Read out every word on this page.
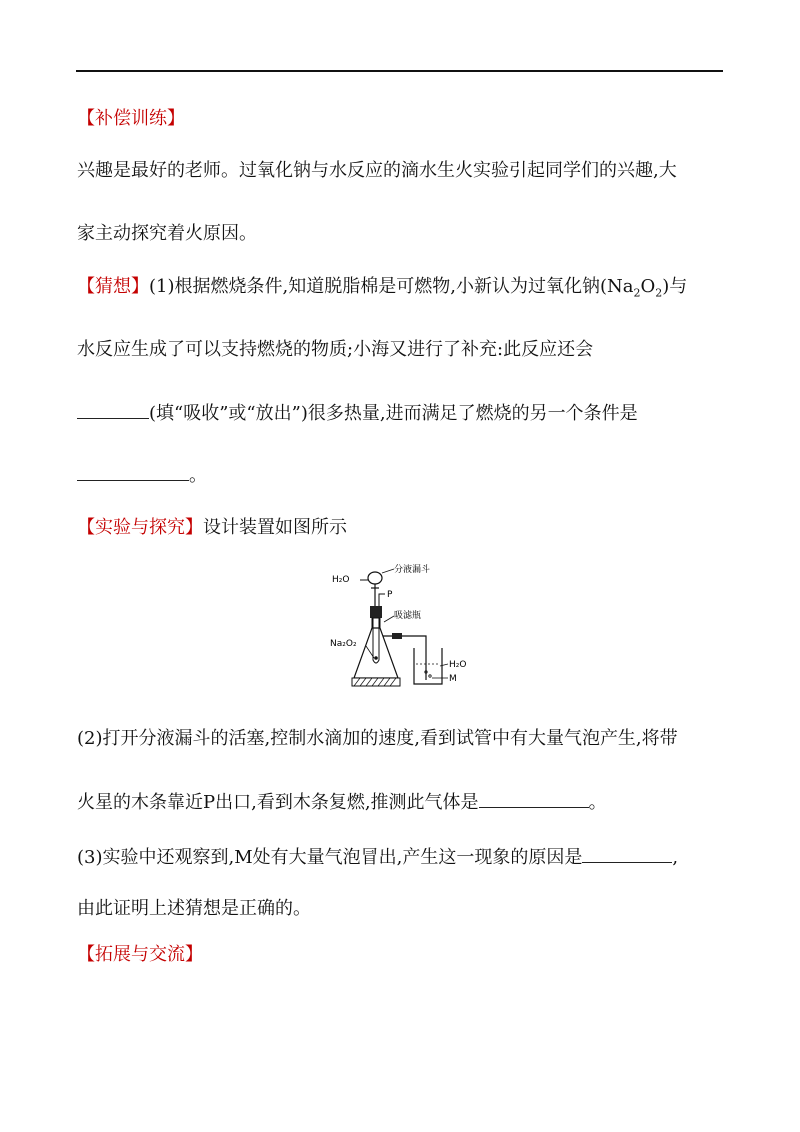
【补偿训练】
兴趣是最好的老师。过氧化钠与水反应的滴水生火实验引起同学们的兴趣,大
家主动探究着火原因。
【猜想】(1)根据燃烧条件,知道脱脂棉是可燃物,小新认为过氧化钠$(Na_2O_2)$与
水反应生成了可以支持燃烧的物质;小海又进行了补充:此反应还会
(填“吸收”或“放出”)很多热量,进而满足了燃烧的另一个条件是
。
【实验与探究】设计装置如图所示
H₂O
分液漏斗
P
吸滤瓶
Na₂O₂
H₂O
M
(2)打开分液漏斗的活塞,控制水滴加的速度,看到试管中有大量气泡产生,将带
火星的木条靠近P出口,看到木条复燃,推测此气体是	。
(3)实验中还观察到,M处有大量气泡冒出,产生这一现象的原因是	,
由此证明上述猜想是正确的。
【拓展与交流】
